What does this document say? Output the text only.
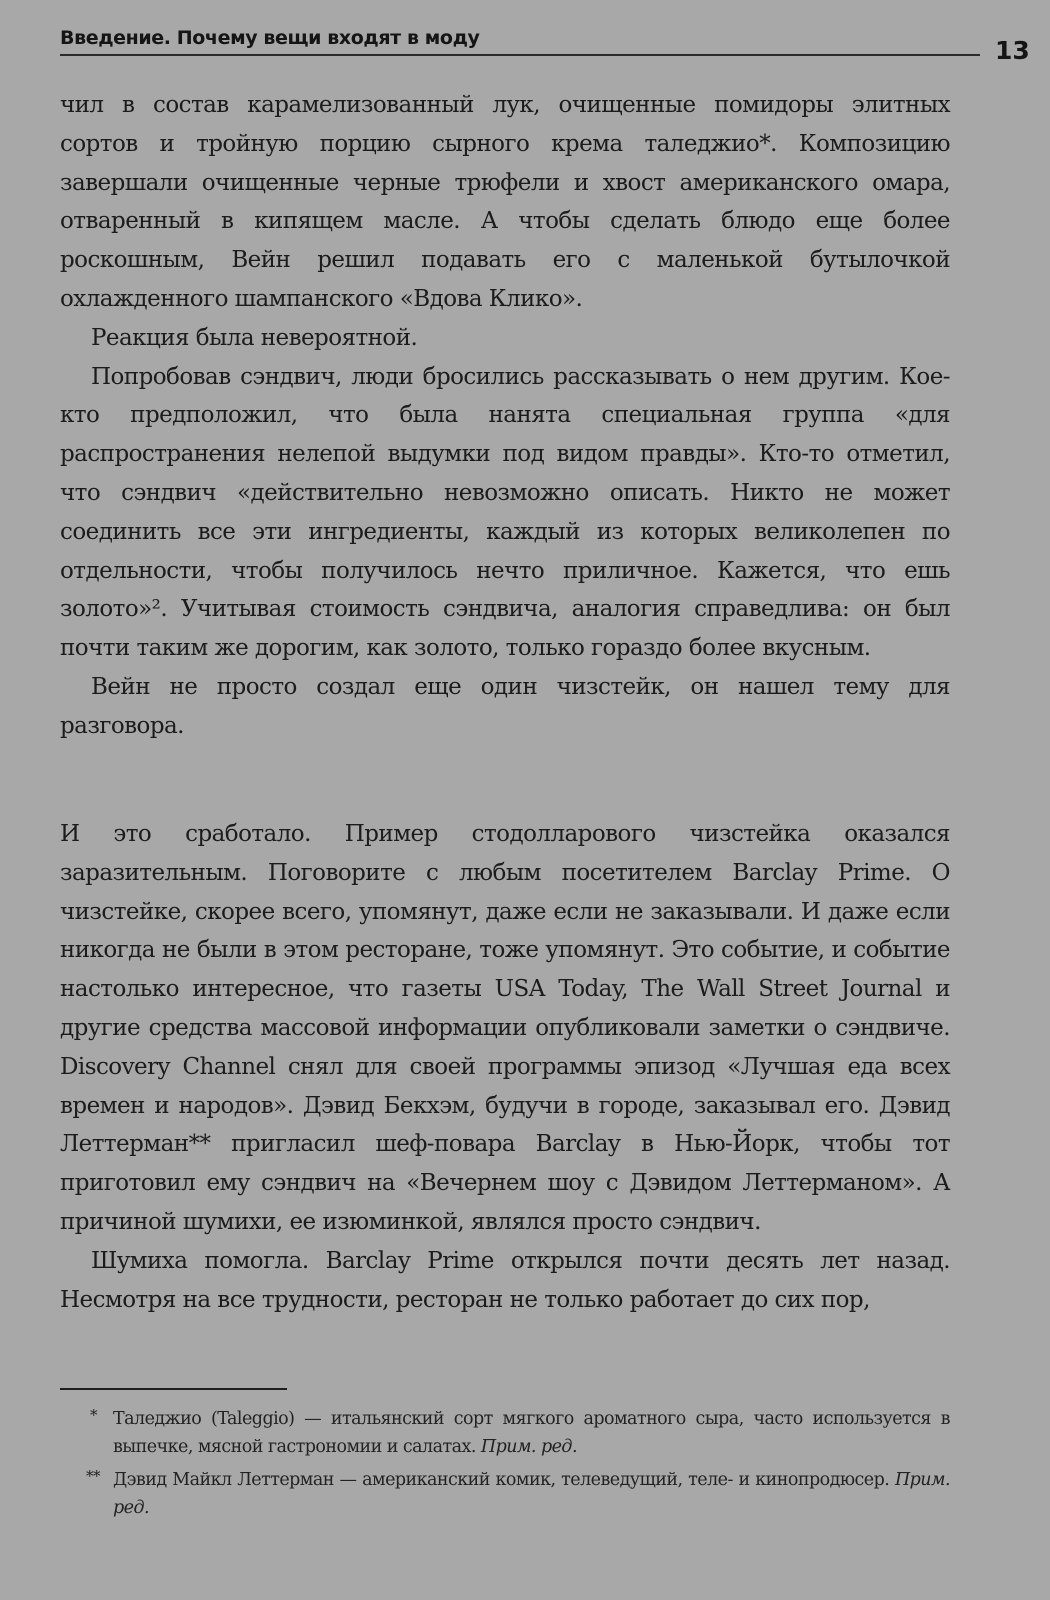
Введение. Почему вещи входят в моду	13

чил в состав карамелизованный лук, очищенные помидоры элитных сортов и тройную порцию сырного крема таледжио*. Композицию завершали очищенные черные трюфели и хвост американского омара, отваренный в кипящем масле. А чтобы сделать блюдо еще более роскошным, Вейн решил подавать его с маленькой бутылочкой охлажденного шампанского «Вдова Клико».

Реакция была невероятной.

Попробовав сэндвич, люди бросились рассказывать о нем другим. Кое-кто предположил, что была нанята специальная группа «для распространения нелепой выдумки под видом правды». Кто-то отметил, что сэндвич «действительно невозможно описать. Никто не может соединить все эти ингредиенты, каждый из которых великолепен по отдельности, чтобы получилось нечто приличное. Кажется, что ешь золото»². Учитывая стоимость сэндвича, аналогия справедлива: он был почти таким же дорогим, как золото, только гораздо более вкусным.

Вейн не просто создал еще один чизстейк, он нашел тему для разговора.

И это сработало. Пример стодолларового чизстейка оказался заразительным. Поговорите с любым посетителем Barclay Prime. О чизстейке, скорее всего, упомянут, даже если не заказывали. И даже если никогда не были в этом ресторане, тоже упомянут. Это событие, и событие настолько интересное, что газеты USA Today, The Wall Street Journal и другие средства массовой информации опубликовали заметки о сэндвиче. Discovery Channel снял для своей программы эпизод «Лучшая еда всех времен и народов». Дэвид Бекхэм, будучи в городе, заказывал его. Дэвид Леттерман** пригласил шеф-повара Barclay в Нью-Йорк, чтобы тот приготовил ему сэндвич на «Вечернем шоу с Дэвидом Леттерманом». А причиной шумихи, ее изюминкой, являлся просто сэндвич.

Шумиха помогла. Barclay Prime открылся почти десять лет назад. Несмотря на все трудности, ресторан не только работает до сих пор,

* Таледжио (Taleggio) — итальянский сорт мягкого ароматного сыра, часто используется в выпечке, мясной гастрономии и салатах. Прим. ред.
** Дэвид Майкл Леттерман — американский комик, телеведущий, теле- и кинопродюсер. Прим. ред.
